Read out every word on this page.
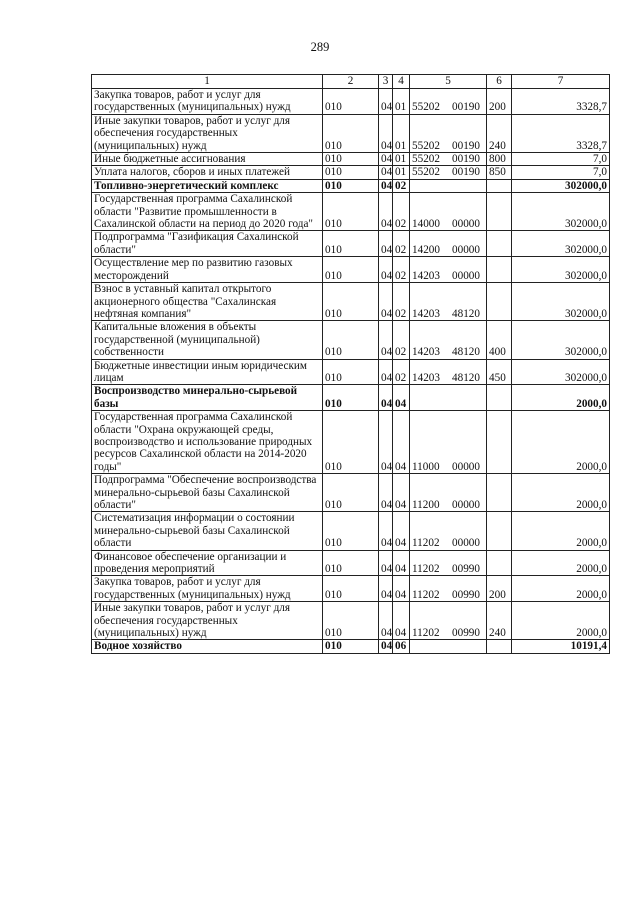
289
1	2	3	4	5	6	7
Закупка товаров, работ и услуг для государственных (муниципальных) нужд	010	04	01	55202 00190	200	3328,7
Иные закупки товаров, работ и услуг для обеспечения государственных (муниципальных) нужд	010	04	01	55202 00190	240	3328,7
Иные бюджетные ассигнования	010	04	01	55202 00190	800	7,0
Уплата налогов, сборов и иных платежей	010	04	01	55202 00190	850	7,0
Топливно-энергетический комплекс	010	04	02			302000,0
Государственная программа Сахалинской области "Развитие промышленности в Сахалинской области на период до 2020 года"	010	04	02	14000 00000		302000,0
Подпрограмма "Газификация Сахалинской области"	010	04	02	14200 00000		302000,0
Осуществление мер по развитию газовых месторождений	010	04	02	14203 00000		302000,0
Взнос в уставный капитал открытого акционерного общества "Сахалинская нефтяная компания"	010	04	02	14203 48120		302000,0
Капитальные вложения в объекты государственной (муниципальной) собственности	010	04	02	14203 48120	400	302000,0
Бюджетные инвестиции иным юридическим лицам	010	04	02	14203 48120	450	302000,0
Воспроизводство минерально-сырьевой базы	010	04	04			2000,0
Государственная программа Сахалинской области "Охрана окружающей среды, воспроизводство и использование природных ресурсов Сахалинской области на 2014-2020 годы"	010	04	04	11000 00000		2000,0
Подпрограмма "Обеспечение воспроизводства минерально-сырьевой базы Сахалинской области"	010	04	04	11200 00000		2000,0
Систематизация информации о состоянии минерально-сырьевой базы Сахалинской области	010	04	04	11202 00000		2000,0
Финансовое обеспечение организации и проведения мероприятий	010	04	04	11202 00990		2000,0
Закупка товаров, работ и услуг для государственных (муниципальных) нужд	010	04	04	11202 00990	200	2000,0
Иные закупки товаров, работ и услуг для обеспечения государственных (муниципальных) нужд	010	04	04	11202 00990	240	2000,0
Водное хозяйство	010	04	06			10191,4
